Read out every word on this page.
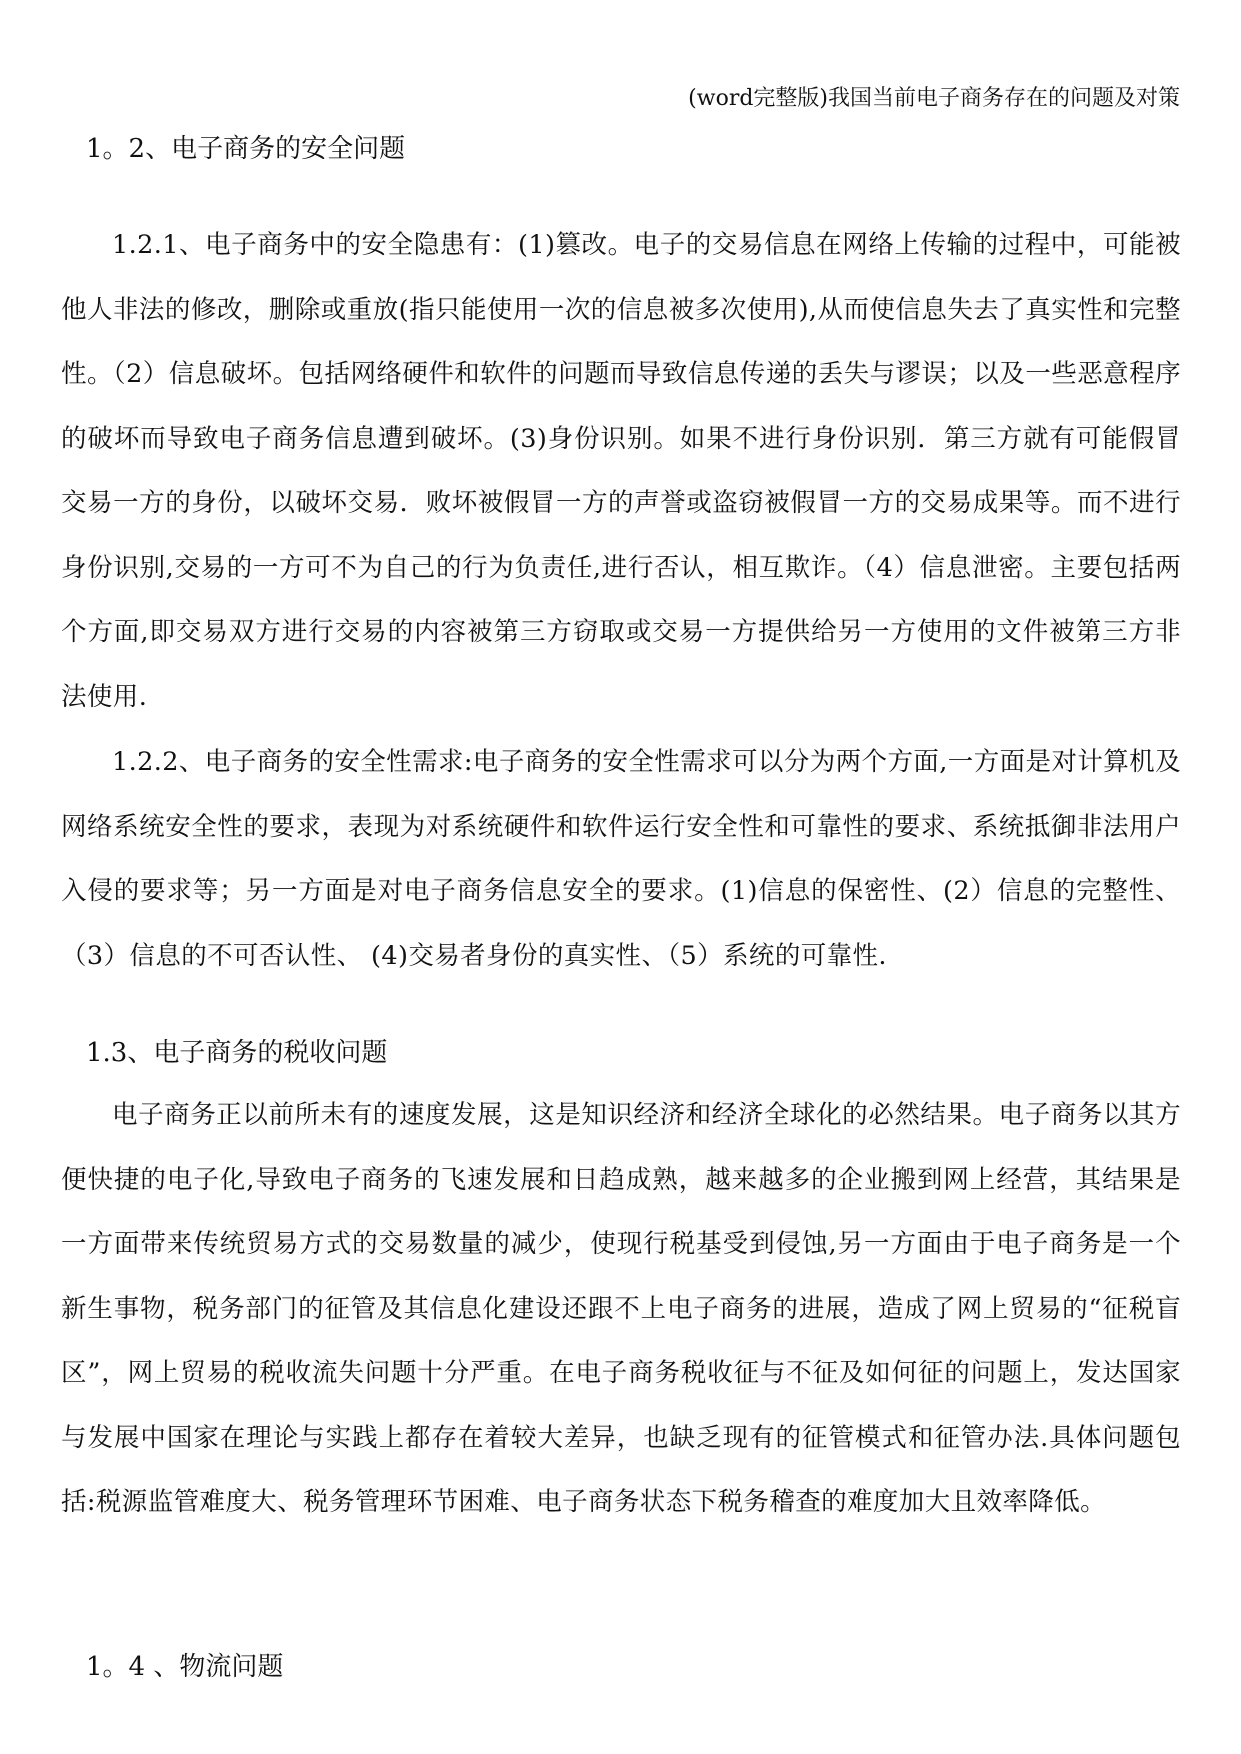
(word完整版)我国当前电子商务存在的问题及对策
1。2、电子商务的安全问题

1.2.1、电子商务中的安全隐患有：(1)篡改。电子的交易信息在网络上传输的过程中，可能被他人非法的修改，删除或重放(指只能使用一次的信息被多次使用),从而使信息失去了真实性和完整性。（2）信息破坏。包括网络硬件和软件的问题而导致信息传递的丢失与谬误；以及一些恶意程序的破坏而导致电子商务信息遭到破坏。(3)身份识别。如果不进行身份识别．第三方就有可能假冒交易一方的身份，以破坏交易．败坏被假冒一方的声誉或盗窃被假冒一方的交易成果等。而不进行身份识别,交易的一方可不为自己的行为负责任,进行否认，相互欺诈。（4）信息泄密。主要包括两个方面,即交易双方进行交易的内容被第三方窃取或交易一方提供给另一方使用的文件被第三方非法使用.

1.2.2、电子商务的安全性需求:电子商务的安全性需求可以分为两个方面,一方面是对计算机及网络系统安全性的要求，表现为对系统硬件和软件运行安全性和可靠性的要求、系统抵御非法用户入侵的要求等；另一方面是对电子商务信息安全的要求。(1)信息的保密性、(2）信息的完整性、（3）信息的不可否认性、 (4)交易者身份的真实性、（5）系统的可靠性.

1.3、电子商务的税收问题

电子商务正以前所未有的速度发展，这是知识经济和经济全球化的必然结果。电子商务以其方便快捷的电子化,导致电子商务的飞速发展和日趋成熟，越来越多的企业搬到网上经营，其结果是一方面带来传统贸易方式的交易数量的减少，使现行税基受到侵蚀,另一方面由于电子商务是一个新生事物，税务部门的征管及其信息化建设还跟不上电子商务的进展，造成了网上贸易的“征税盲区”，网上贸易的税收流失问题十分严重。在电子商务税收征与不征及如何征的问题上，发达国家与发展中国家在理论与实践上都存在着较大差异，也缺乏现有的征管模式和征管办法.具体问题包括:税源监管难度大、税务管理环节困难、电子商务状态下税务稽查的难度加大且效率降低。

1。4 、物流问题
